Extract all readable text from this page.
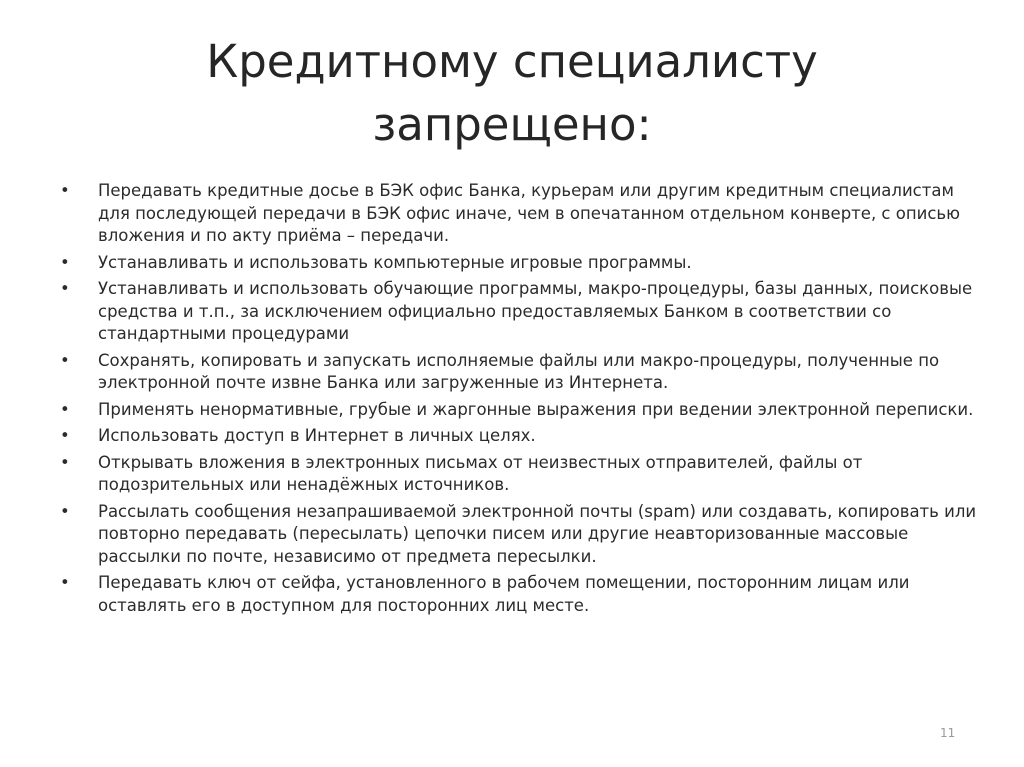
Кредитному специалисту
запрещено:
•	Передавать кредитные досье в БЭК офис Банка, курьерам или другим кредитным специалистам для последующей передачи в БЭК офис иначе, чем в опечатанном отдельном конверте, с описью вложения и по акту приёма – передачи.
•	Устанавливать и использовать компьютерные игровые программы.
•	Устанавливать и использовать обучающие программы, макро-процедуры, базы данных, поисковые средства и т.п., за исключением официально предоставляемых Банком в соответствии со стандартными процедурами
•	Сохранять, копировать и запускать исполняемые файлы или макро-процедуры, полученные по электронной почте извне Банка или загруженные из Интернета.
•	Применять ненормативные, грубые и жаргонные выражения при ведении электронной переписки.
•	Использовать доступ в Интернет в личных целях.
•	Открывать вложения в электронных письмах от неизвестных отправителей, файлы от подозрительных или ненадёжных источников.
•	Рассылать сообщения незапрашиваемой электронной почты (spam) или создавать, копировать или повторно передавать (пересылать) цепочки писем или другие неавторизованные массовые рассылки по почте, независимо от предмета пересылки.
•	Передавать ключ от сейфа, установленного в рабочем помещении, посторонним лицам или оставлять его в доступном для посторонних лиц месте.
11
